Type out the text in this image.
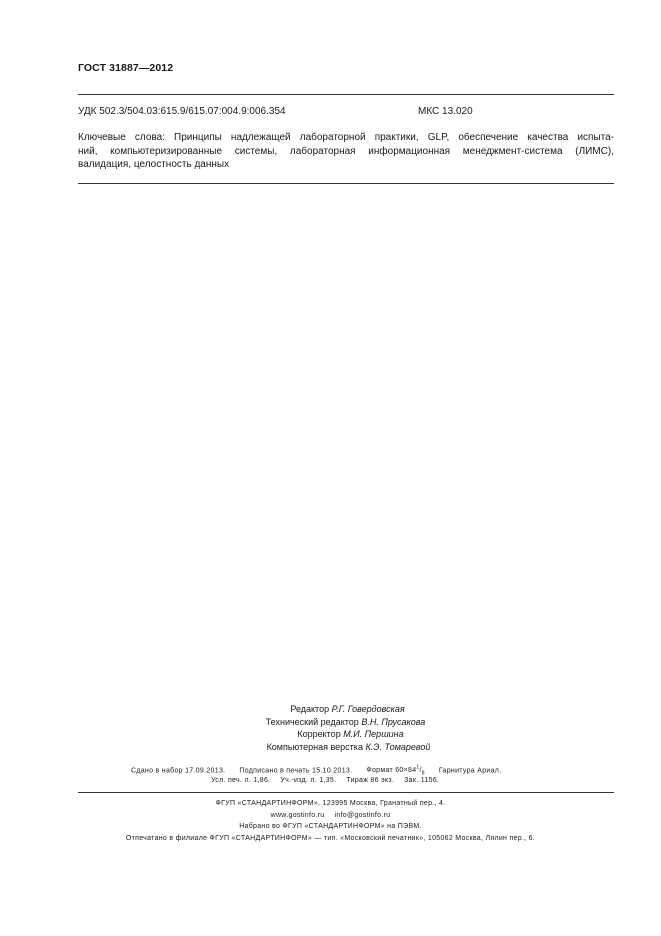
ГОСТ 31887—2012
УДК 502.3/504.03:615.9/615.07:004.9:006.354	МКС 13.020
Ключевые слова: Принципы надлежащей лабораторной практики, GLP, обеспечение качества испыта-
ний, компьютеризированные системы, лабораторная информационная менеджмент-система (ЛИМС),
валидация, целостность данных
Редактор Р.Г. Говердовская
Технический редактор В.Н. Прусакова
Корректор М.И. Першина
Компьютерная верстка К.Э. Томаревой
Сдано в набор 17.09.2013. Подписано в печать 15.10.2013. Формат $60\times 84^1/_8$ Гарнитура Ариал.
Усл. печ. л. 1,86. Уч.-изд. л. 1,35. Тираж 86 экз. Зак. 1156.
ФГУП «СТАНДАРТИНФОРМ», 123995 Москва, Гранатный пер., 4.
www.gostinfo.ru info@gostinfo.ru
Набрано во ФГУП «СТАНДАРТИНФОРМ» на ПЭВМ.
Отпечатано в филиале ФГУП «СТАНДАРТИНФОРМ» — тип. «Московский печатник», 105062 Москва, Лялин пер., 6.
